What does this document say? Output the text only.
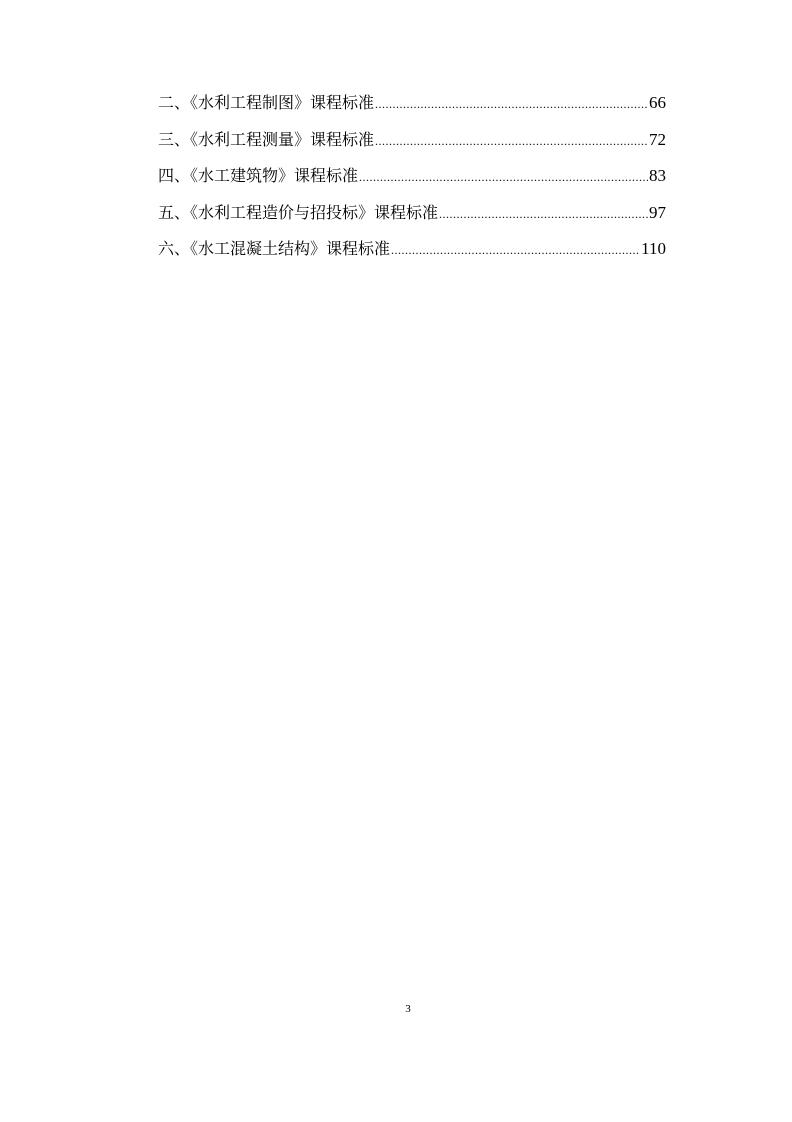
二、《水利工程制图》课程标准 .....	66
三、《水利工程测量》课程标准 .....	72
四、《水工建筑物》课程标准 .....	83
五、《水利工程造价与招投标》课程标准 .....	97
六、《水工混凝土结构》课程标准 .....	110
3
